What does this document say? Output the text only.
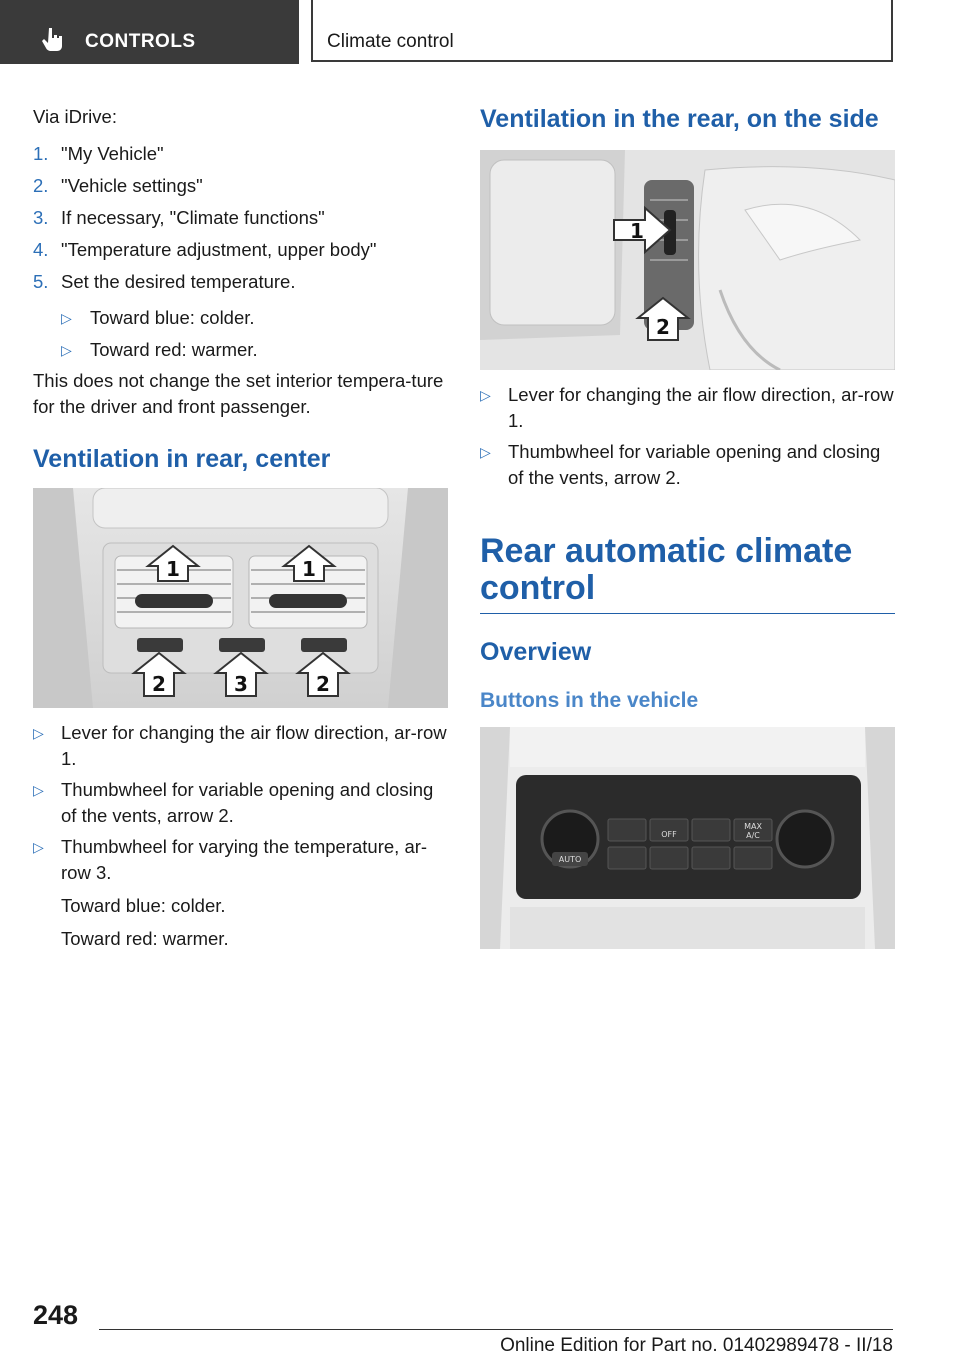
CONTROLS	Climate control

Via iDrive:

1. "My Vehicle"
2. "Vehicle settings"
3. If necessary, "Climate functions"
4. "Temperature adjustment, upper body"
5. Set the desired temperature.
▷ Toward blue: colder.
▷ Toward red: warmer.

This does not change the set interior tempera‐ture for the driver and front passenger.

Ventilation in rear, center
1	1
2	3	2
▷ Lever for changing the air flow direction, ar‐row 1.
▷ Thumbwheel for variable opening and closing of the vents, arrow 2.
▷ Thumbwheel for varying the temperature, ar‐row 3.
Toward blue: colder.
Toward red: warmer.
Ventilation in the rear, on the side
1
2
▷ Lever for changing the air flow direction, ar‐row 1.
▷ Thumbwheel for variable opening and closing of the vents, arrow 2.
Rear automatic climate control
Overview
Buttons in the vehicle
AUTO
OFF
MAX
A/C
248
Online Edition for Part no. 01402989478 - II/18
